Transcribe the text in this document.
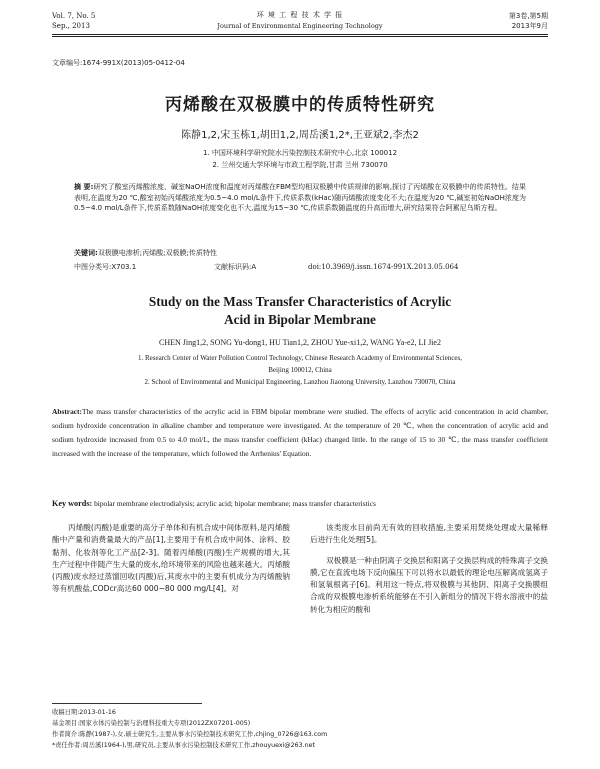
Vol. 7, No. 5
Sep., 2013
环 境 工 程 技 术 学 报
Journal of Environmental Engineering Technology
第3卷,第5期
2013年9月
文章编号:1674-991X(2013)05-0412-04
丙烯酸在双极膜中的传质特性研究
陈静1,2,宋玉栋1,胡田1,2,周岳溪1,2*,王亚斌2,李杰2
1. 中国环境科学研究院水污染控制技术研究中心,北京 100012
2. 兰州交通大学环境与市政工程学院,甘肃 兰州 730070
摘 要:研究了酸室丙烯酸浓度、碱室NaOH浓度和温度对丙烯酸在FBM型均相双极膜中传质规律的影响,探讨了丙烯酸在双极膜中的传质特性。结果表明,在温度为20 ℃,酸室初始丙烯酸浓度为0.5~4.0 mol/L条件下,传质系数(kHac)随丙烯酸浓度变化不大;在温度为20 ℃,碱室初始NaOH浓度为0.5~4.0 mol/L条件下,传质系数随NaOH浓度变化也不大,温度为15~30 ℃,传质系数随温度的升高而增大,研究结果符合阿累尼乌斯方程。
关键词:双极膜电渗析;丙烯酸;双极膜;传质特性
中图分类号:X703.1	文献标识码:A	doi:10.3969/j.issn.1674-991X.2013.05.064
Study on the Mass Transfer Characteristics of Acrylic
Acid in Bipolar Membrane
CHEN Jing1,2, SONG Yu-dong1, HU Tian1,2, ZHOU Yue-xi1,2, WANG Ya-e2, LI Jie2
1. Research Center of Water Pollution Control Technology, Chinese Research Academy of Environmental Sciences,
Beijing 100012, China
2. School of Environmental and Municipal Engineering, Lanzhou Jiaotong University, Lanzhou 730070, China
Abstract:The mass transfer characteristics of the acrylic acid in FBM bipolar membrane were studied. The effects of acrylic acid concentration in acid chamber, sodium hydroxide concentration in alkaline chamber and temperature were investigated. At the temperature of 20 ℃, when the concentration of acrylic acid and sodium hydroxide increased from 0.5 to 4.0 mol/L, the mass transfer coefficient (kHac) changed little. In the range of 15 to 30 ℃, the mass transfer coefficient increased with the increase of the temperature, which followed the Arrhenius' Equation.
Key words: bipolar membrane electrodialysis; acrylic acid; bipolar membrane; mass transfer characteristics
丙烯酸(丙酸)是重要的高分子单体和有机合成中间体原料,是丙烯酸酯中产量和消费量最大的产品[1],主要用于有机合成中间体、涂料、胶黏剂、化妆剂等化工产品[2-3]。随着丙烯酸(丙酸)生产规模的增大,其生产过程中伴随产生大量的废水,给环境带来的风险也越来越大。丙烯酸(丙酸)废水经过蒸馏回收(丙酸)后,其废水中的主要有机成分为丙烯酸钠等有机酸盐,CODcr高达60 000~80 000 mg/L[4]。对
该类废水目前尚无有效的回收措施,主要采用焚烧处理或大量稀释后进行生化处理[5]。
双极膜是一种由阴离子交换层和阳离子交换层构成的特殊离子交换膜,它在直流电场下反向偏压下可以将水以最低的理论电压解离成氢离子和氢氧根离子[6]。利用这一特点,将双极膜与其他阴、阳离子交换膜组合成的双极膜电渗析系统能够在不引入新组分的情况下将水溶液中的盐转化为相应的酸和
收稿日期:2013-01-16
基金项目:国家水体污染控制与治理科技重大专项(2012ZX07201-005)
作者简介:陈静(1987-),女,硕士研究生,主要从事水污染控制技术研究工作,chjing_0726@163.com
*责任作者:周岳溪(1964-),男,研究员,主要从事水污染控制技术研究工作,zhouyuexi@263.net
